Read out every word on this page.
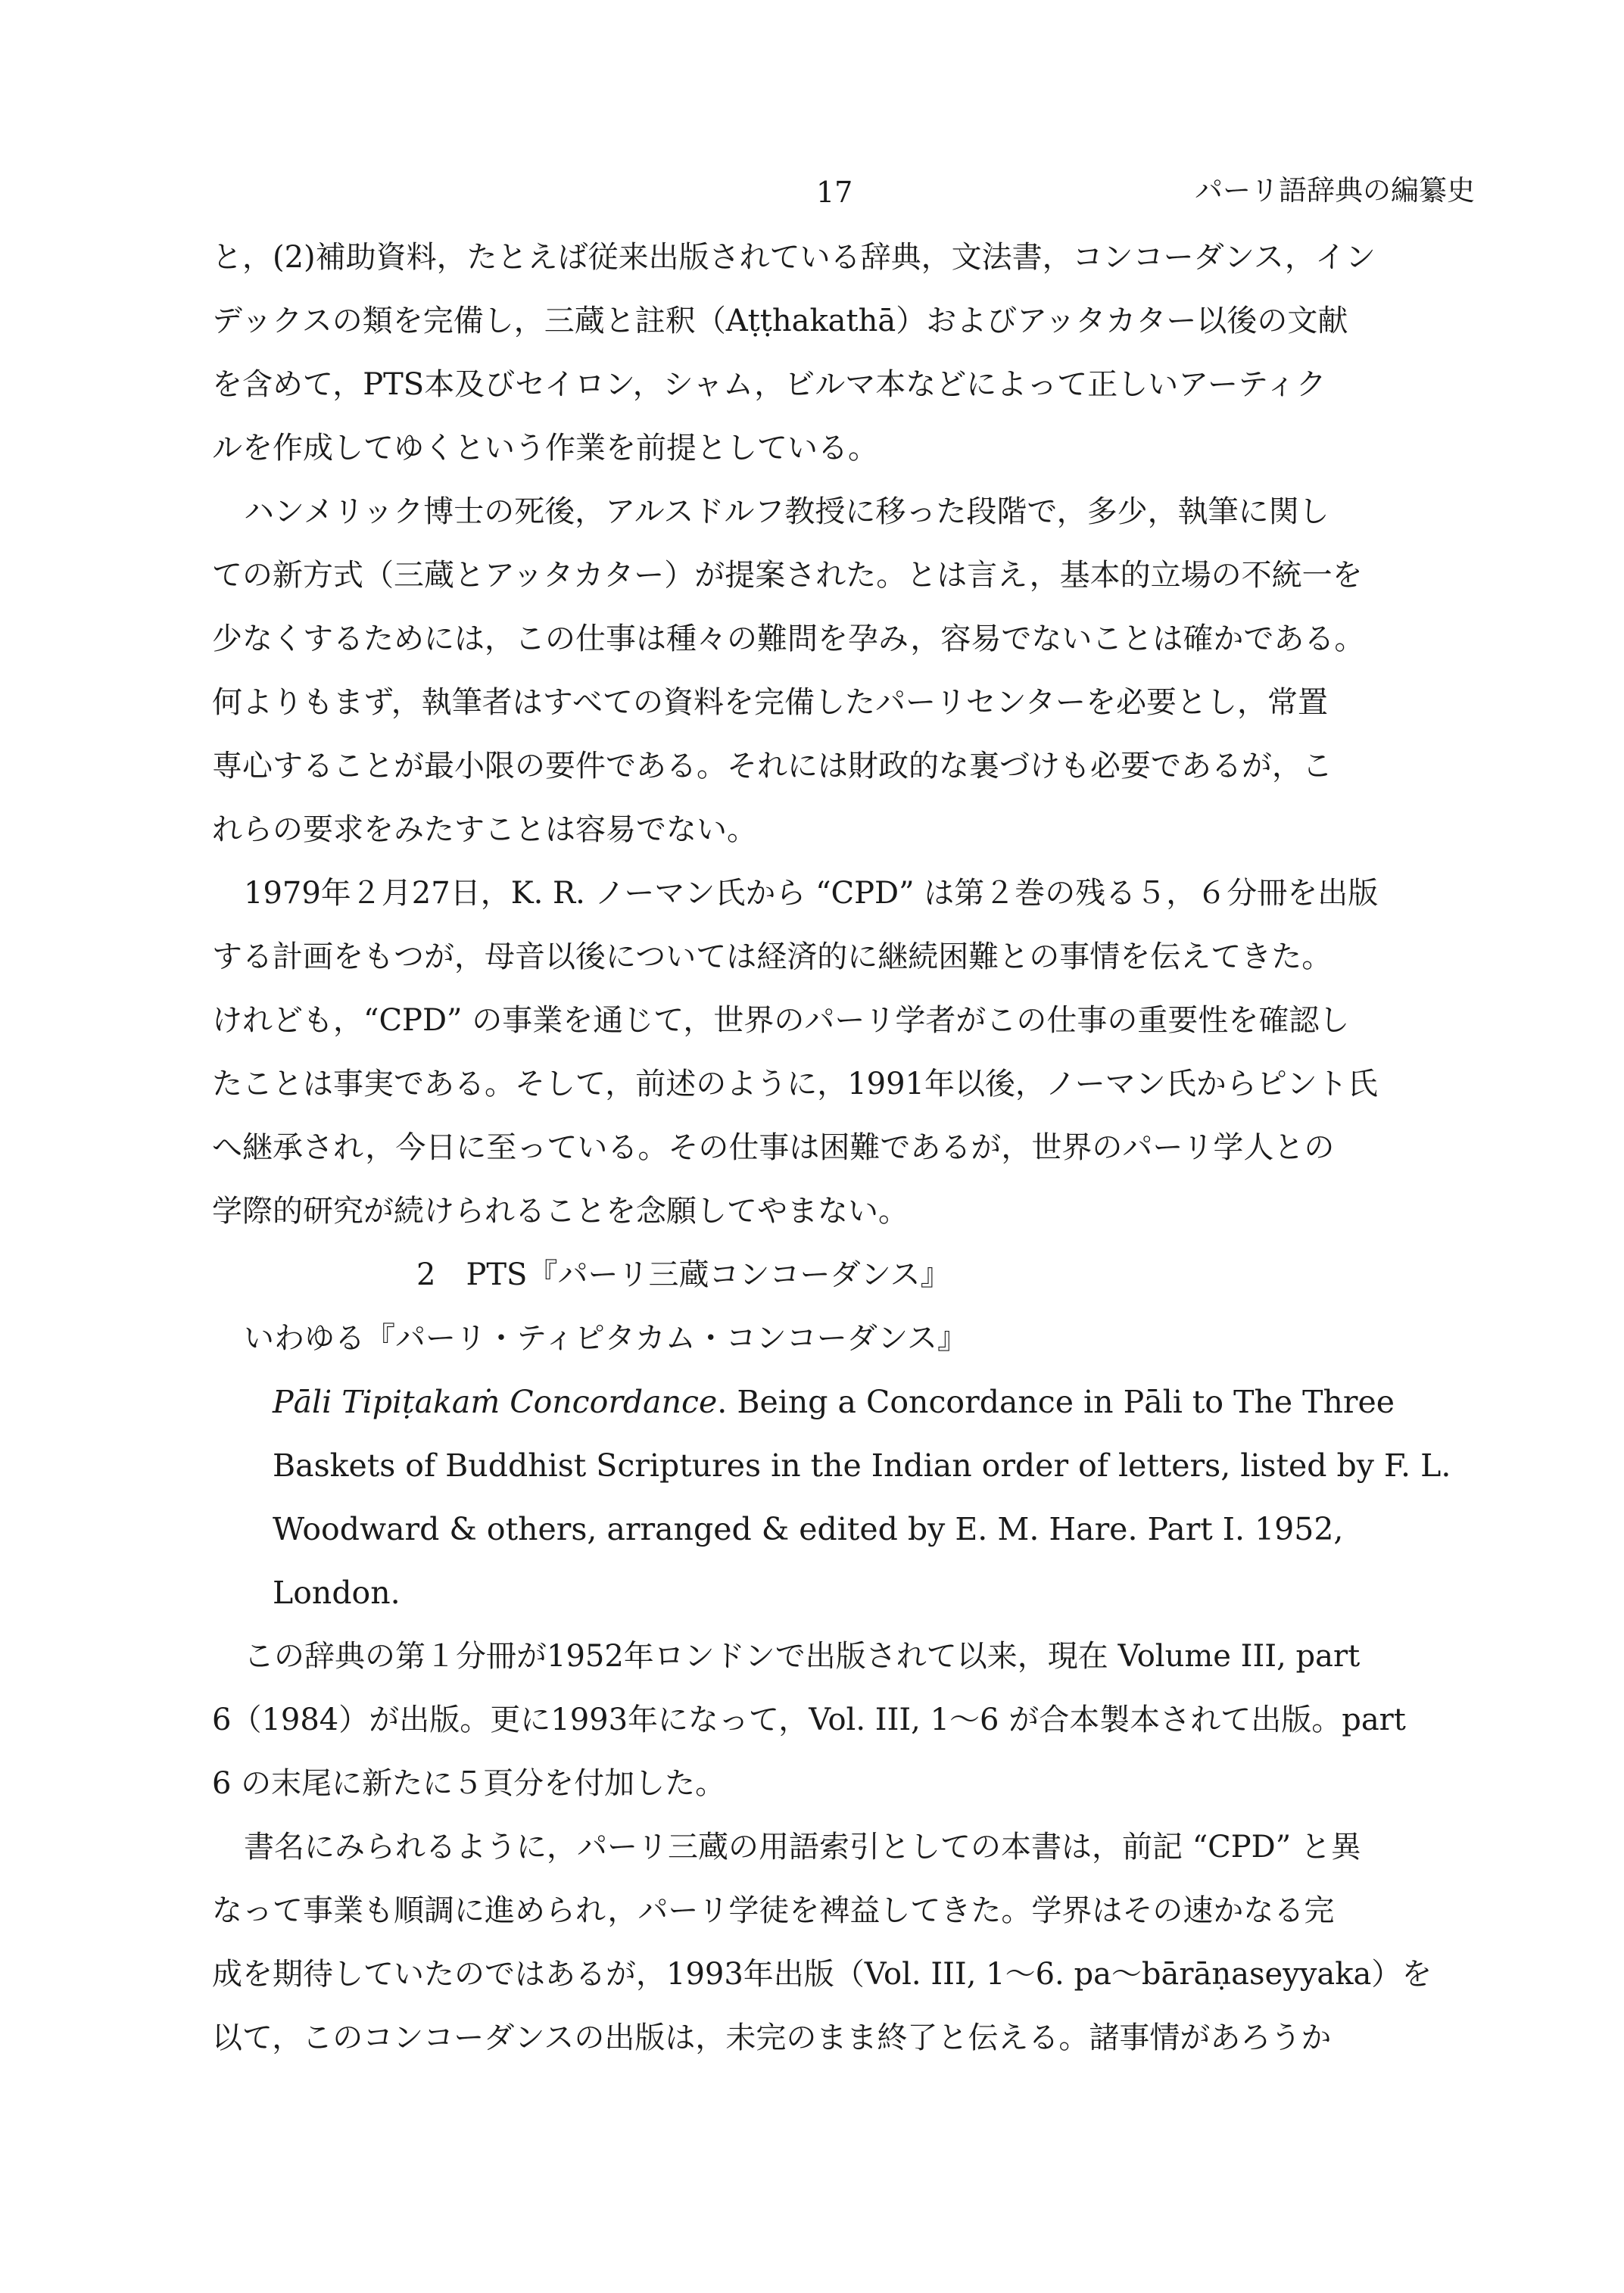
17	パーリ語辞典の編纂史
と，(2)補助資料，たとえば従来出版されている辞典，文法書，コンコーダンス，イン
デックスの類を完備し，三蔵と註釈（Aṭṭhakathā）およびアッタカター以後の文献
を含めて，PTS本及びセイロン，シャム，ビルマ本などによって正しいアーティク
ルを作成してゆくという作業を前提としている。
ハンメリック博士の死後，アルスドルフ教授に移った段階で，多少，執筆に関し
ての新方式（三蔵とアッタカター）が提案された。とは言え，基本的立場の不統一を
少なくするためには，この仕事は種々の難問を孕み，容易でないことは確かである。
何よりもまず，執筆者はすべての資料を完備したパーリセンターを必要とし，常置
専心することが最小限の要件である。それには財政的な裏づけも必要であるが，こ
れらの要求をみたすことは容易でない。
1979年２月27日，K. R. ノーマン氏から “CPD” は第２巻の残る５，６分冊を出版
する計画をもつが，母音以後については経済的に継続困難との事情を伝えてきた。
けれども，“CPD” の事業を通じて，世界のパーリ学者がこの仕事の重要性を確認し
たことは事実である。そして，前述のように，1991年以後，ノーマン氏からピント氏
へ継承され，今日に至っている。その仕事は困難であるが，世界のパーリ学人との
学際的研究が続けられることを念願してやまない。
2　PTS『パーリ三蔵コンコーダンス』
いわゆる『パーリ・ティピタカム・コンコーダンス』
Pāli Tipiṭakaṁ Concordance. Being a Concordance in Pāli to The Three
Baskets of Buddhist Scriptures in the Indian order of letters, listed by F. L.
Woodward & others, arranged & edited by E. M. Hare. Part I. 1952,
London.
この辞典の第１分冊が1952年ロンドンで出版されて以来，現在 Volume III, part
6（1984）が出版。更に1993年になって，Vol. III, 1〜6 が合本製本されて出版。part
6 の末尾に新たに５頁分を付加した。
書名にみられるように，パーリ三蔵の用語索引としての本書は，前記 “CPD” と異
なって事業も順調に進められ，パーリ学徒を裨益してきた。学界はその速かなる完
成を期待していたのではあるが，1993年出版（Vol. III, 1〜6. pa〜bārāṇaseyyaka）を
以て，このコンコーダンスの出版は，未完のまま終了と伝える。諸事情があろうか
